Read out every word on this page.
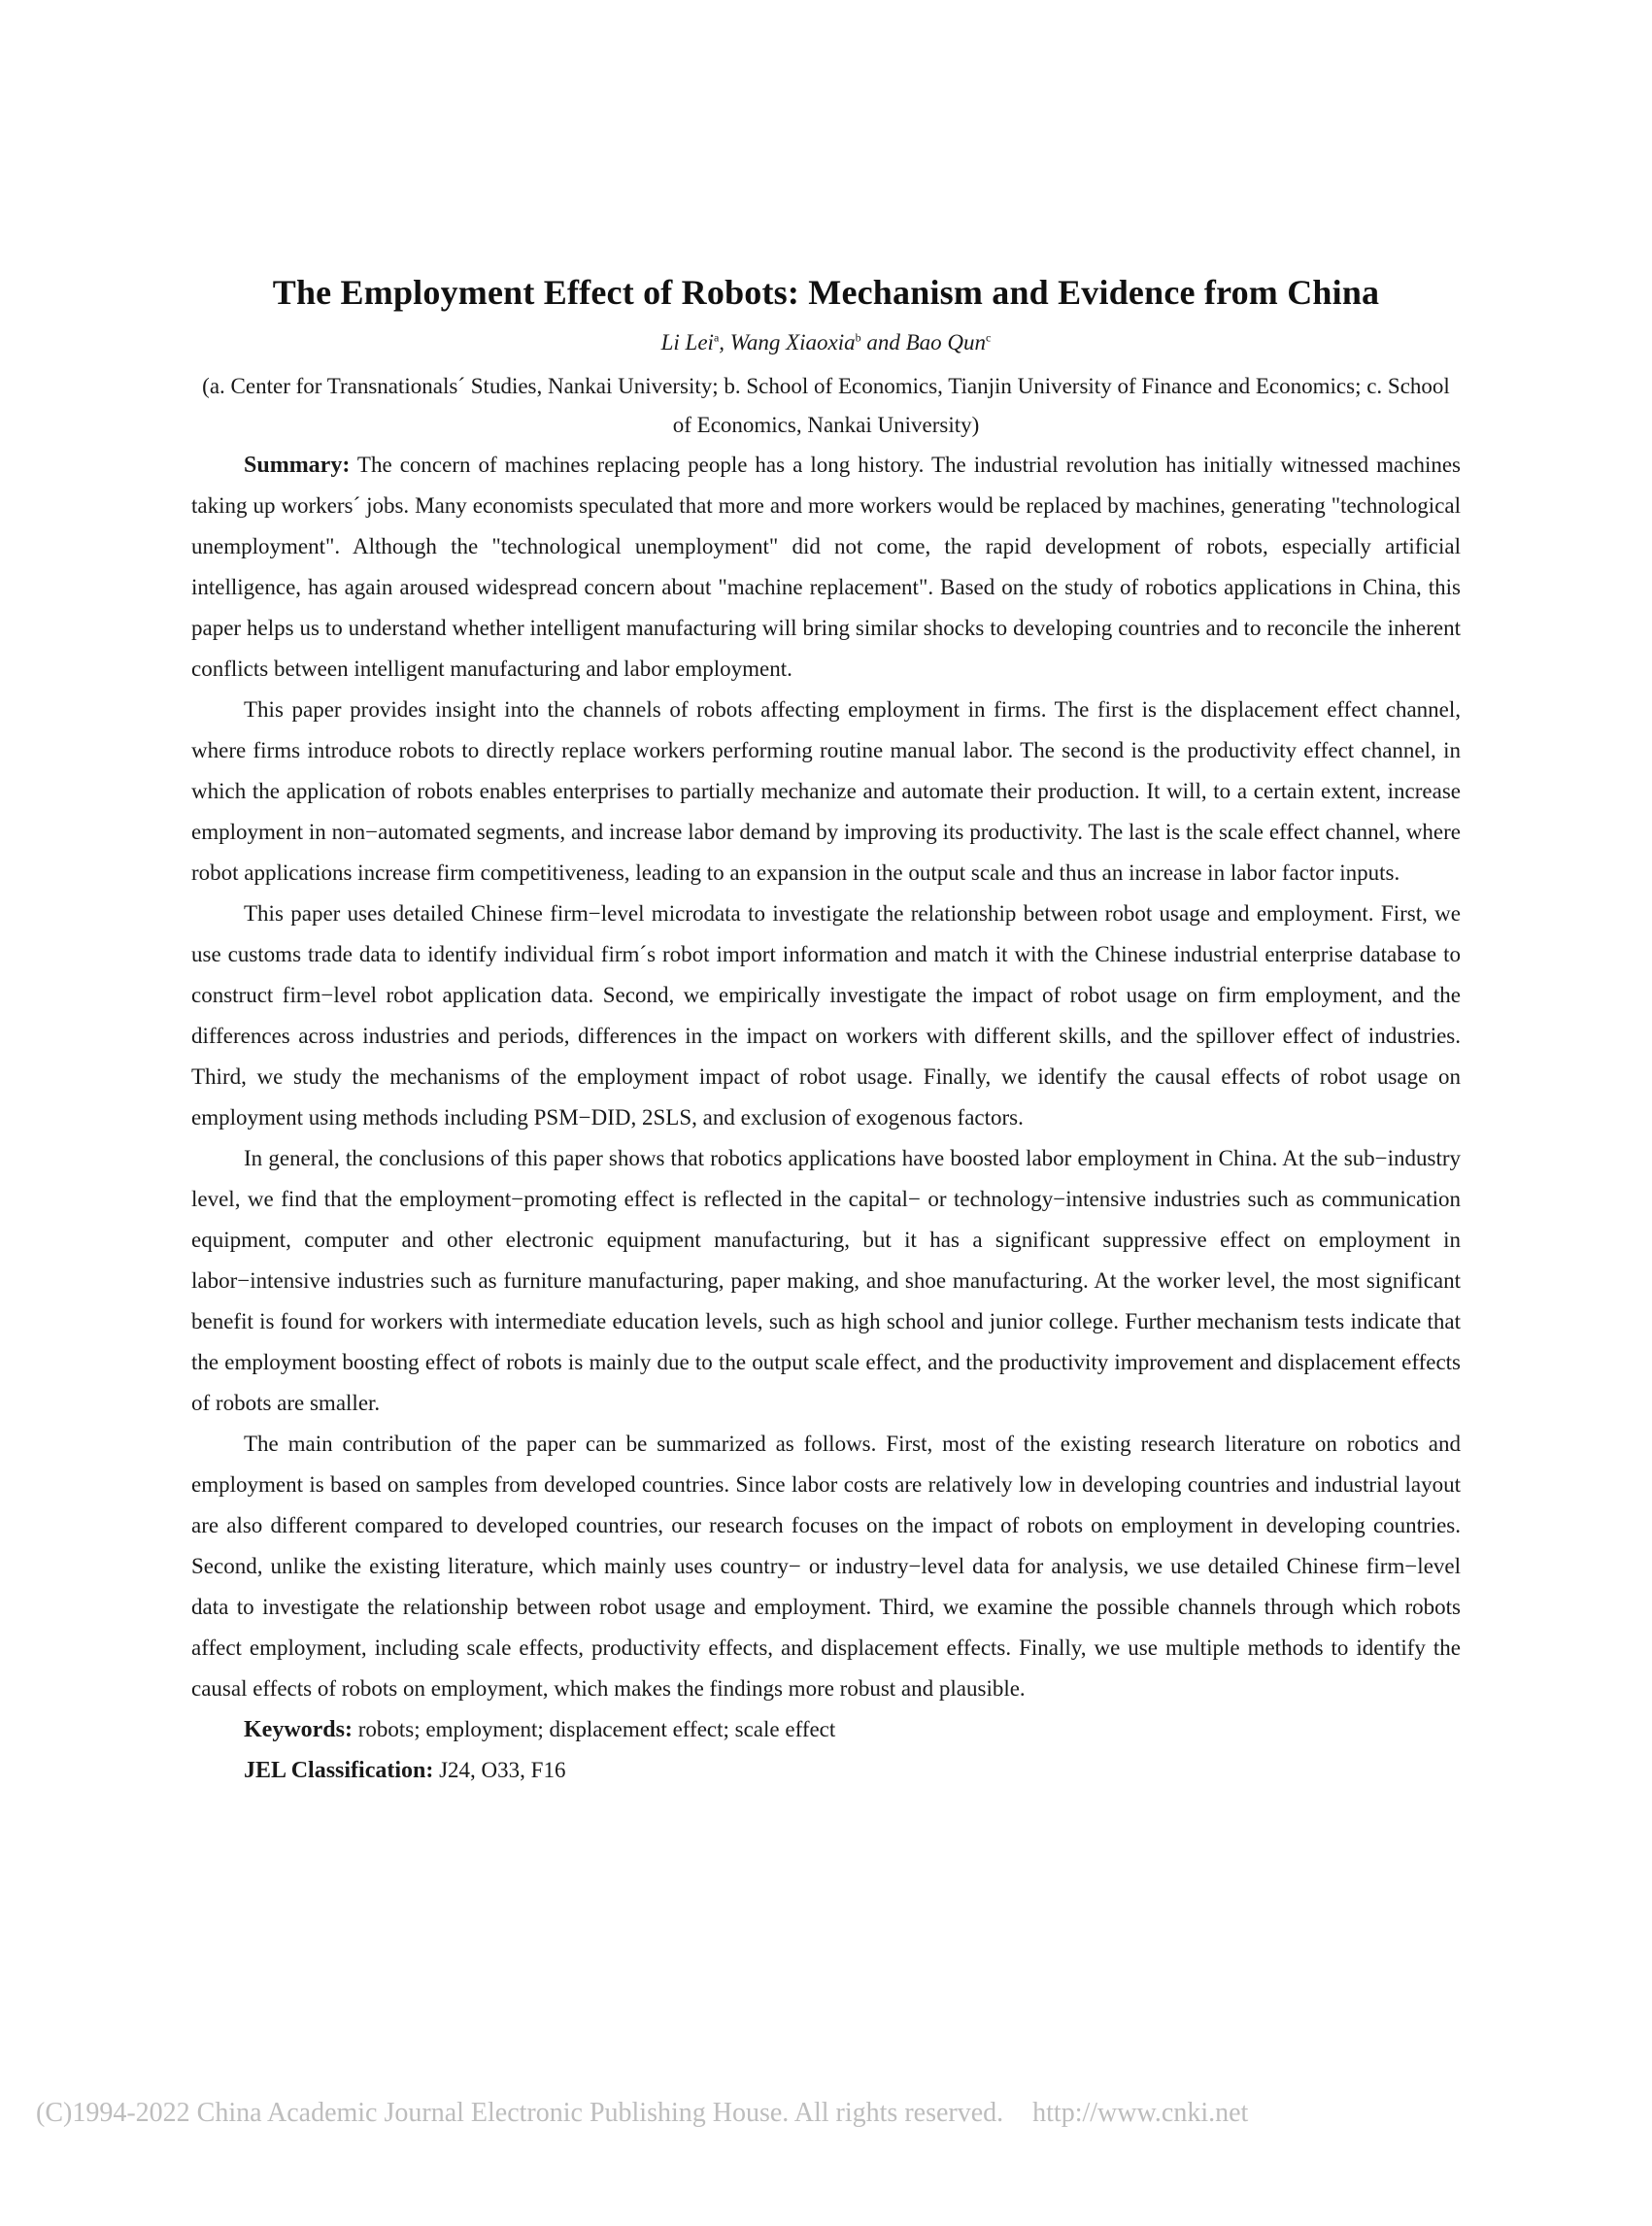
The Employment Effect of Robots: Mechanism and Evidence from China
Li Lei$^a$, Wang Xiaoxia$^b$ and Bao Qun$^c$
(a. Center for Transnationals´ Studies, Nankai University; b. School of Economics, Tianjin University of Finance and Economics; c. School of Economics, Nankai University)

Summary: The concern of machines replacing people has a long history. The industrial revolution has initially witnessed machines taking up workers´ jobs. Many economists speculated that more and more workers would be replaced by machines, generating "technological unemployment". Although the "technological unemployment" did not come, the rapid development of robots, especially artificial intelligence, has again aroused widespread concern about "machine replacement". Based on the study of robotics applications in China, this paper helps us to understand whether intelligent manufacturing will bring similar shocks to developing countries and to reconcile the inherent conflicts between intelligent manufacturing and labor employment.

This paper provides insight into the channels of robots affecting employment in firms. The first is the displacement effect channel, where firms introduce robots to directly replace workers performing routine manual labor. The second is the productivity effect channel, in which the application of robots enables enterprises to partially mechanize and automate their production. It will, to a certain extent, increase employment in non−automated segments, and increase labor demand by improving its productivity. The last is the scale effect channel, where robot applications increase firm competitiveness, leading to an expansion in the output scale and thus an increase in labor factor inputs.

This paper uses detailed Chinese firm−level microdata to investigate the relationship between robot usage and employment. First, we use customs trade data to identify individual firm´s robot import information and match it with the Chinese industrial enterprise database to construct firm−level robot application data. Second, we empirically investigate the impact of robot usage on firm employment, and the differences across industries and periods, differences in the impact on workers with different skills, and the spillover effect of industries. Third, we study the mechanisms of the employment impact of robot usage. Finally, we identify the causal effects of robot usage on employment using methods including PSM−DID, 2SLS, and exclusion of exogenous factors.

In general, the conclusions of this paper shows that robotics applications have boosted labor employment in China. At the sub−industry level, we find that the employment−promoting effect is reflected in the capital− or technology−intensive industries such as communication equipment, computer and other electronic equipment manufacturing, but it has a significant suppressive effect on employment in labor−intensive industries such as furniture manufacturing, paper making, and shoe manufacturing. At the worker level, the most significant benefit is found for workers with intermediate education levels, such as high school and junior college. Further mechanism tests indicate that the employment boosting effect of robots is mainly due to the output scale effect, and the productivity improvement and displacement effects of robots are smaller.

The main contribution of the paper can be summarized as follows. First, most of the existing research literature on robotics and employment is based on samples from developed countries. Since labor costs are relatively low in developing countries and industrial layout are also different compared to developed countries, our research focuses on the impact of robots on employment in developing countries. Second, unlike the existing literature, which mainly uses country− or industry−level data for analysis, we use detailed Chinese firm−level data to investigate the relationship between robot usage and employment. Third, we examine the possible channels through which robots affect employment, including scale effects, productivity effects, and displacement effects. Finally, we use multiple methods to identify the causal effects of robots on employment, which makes the findings more robust and plausible.

Keywords: robots; employment; displacement effect; scale effect

JEL Classification: J24, O33, F16

(C)1994-2022 China Academic Journal Electronic Publishing House. All rights reserved. http://www.cnki.net
